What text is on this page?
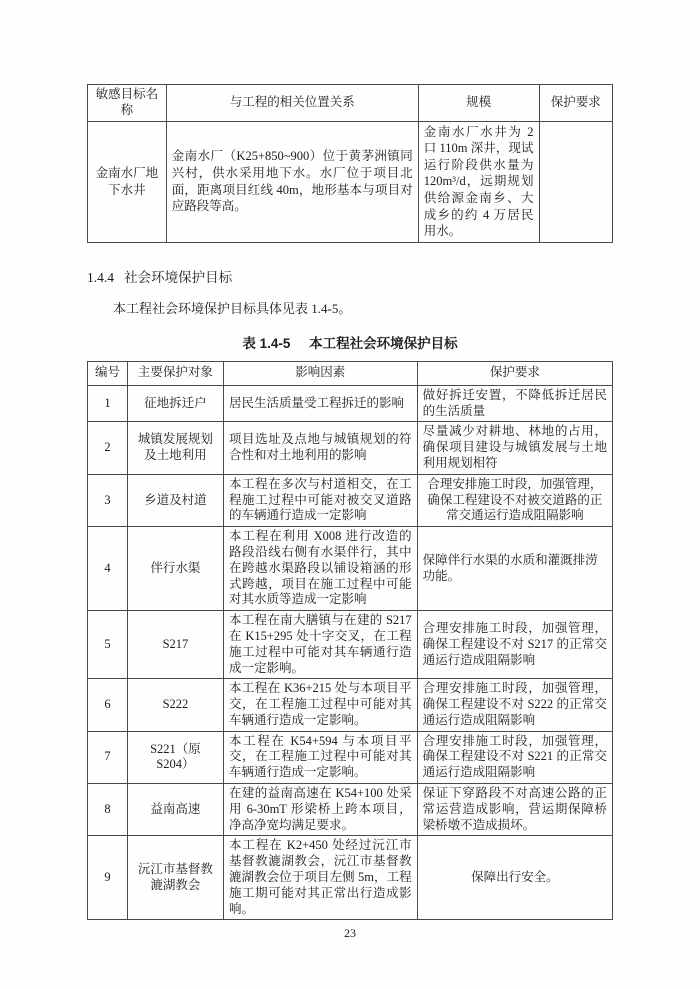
敏感目标名称	与工程的相关位置关系	规模	保护要求
金南水厂地下水井	金南水厂（K25+850~900）位于黄茅洲镇同兴村，供水采用地下水。水厂位于项目北面，距离项目红线 40m，地形基本与项目对应路段等高。	金南水厂水井为 2 口 110m 深井，现试运行阶段供水量为 120m³/d，远期规划供给源金南乡、大成乡的约 4 万居民用水。	
1.4.4   社会环境保护目标

本工程社会环境保护目标具体见表 1.4-5。

表 1.4-5     本工程社会环境保护目标
编号	主要保护对象	影响因素	保护要求
1	征地拆迁户	居民生活质量受工程拆迁的影响	做好拆迁安置，不降低拆迁居民的生活质量
2	城镇发展规划及土地利用	项目选址及点地与城镇规划的符合性和对土地利用的影响	尽量减少对耕地、林地的占用，确保项目建设与城镇发展与土地利用规划相符
3	乡道及村道	本工程在多次与村道相交，在工程施工过程中可能对被交叉道路的车辆通行造成一定影响	合理安排施工时段，加强管理，确保工程建设不对被交道路的正常交通运行造成阻隔影响
4	伴行水渠	本工程在利用 X008 进行改造的路段沿线右侧有水渠伴行，其中在跨越水渠路段以铺设箱涵的形式跨越，项目在施工过程中可能对其水质等造成一定影响	保障伴行水渠的水质和灌溉排涝功能。
5	S217	本工程在南大膳镇与在建的 S217 在 K15+295 处十字交叉，在工程施工过程中可能对其车辆通行造成一定影响。	合理安排施工时段，加强管理，确保工程建设不对 S217 的正常交通运行造成阻隔影响
6	S222	本工程在 K36+215 处与本项目平交，在工程施工过程中可能对其车辆通行造成一定影响。	合理安排施工时段，加强管理，确保工程建设不对 S222 的正常交通运行造成阻隔影响
7	S221（原 S204）	本工程在 K54+594 与本项目平交，在工程施工过程中可能对其车辆通行造成一定影响。	合理安排施工时段，加强管理，确保工程建设不对 S221 的正常交通运行造成阻隔影响
8	益南高速	在建的益南高速在 K54+100 处采用 6-30mT 形梁桥上跨本项目，净高净宽均满足要求。	保证下穿路段不对高速公路的正常运营造成影响，营运期保障桥梁桥墩不造成损坏。
9	沅江市基督教漉湖教会	本工程在 K2+450 处经过沅江市基督教漉湖教会，沅江市基督教漉湖教会位于项目左侧 5m，工程施工期可能对其正常出行造成影响。	保障出行安全。
23
